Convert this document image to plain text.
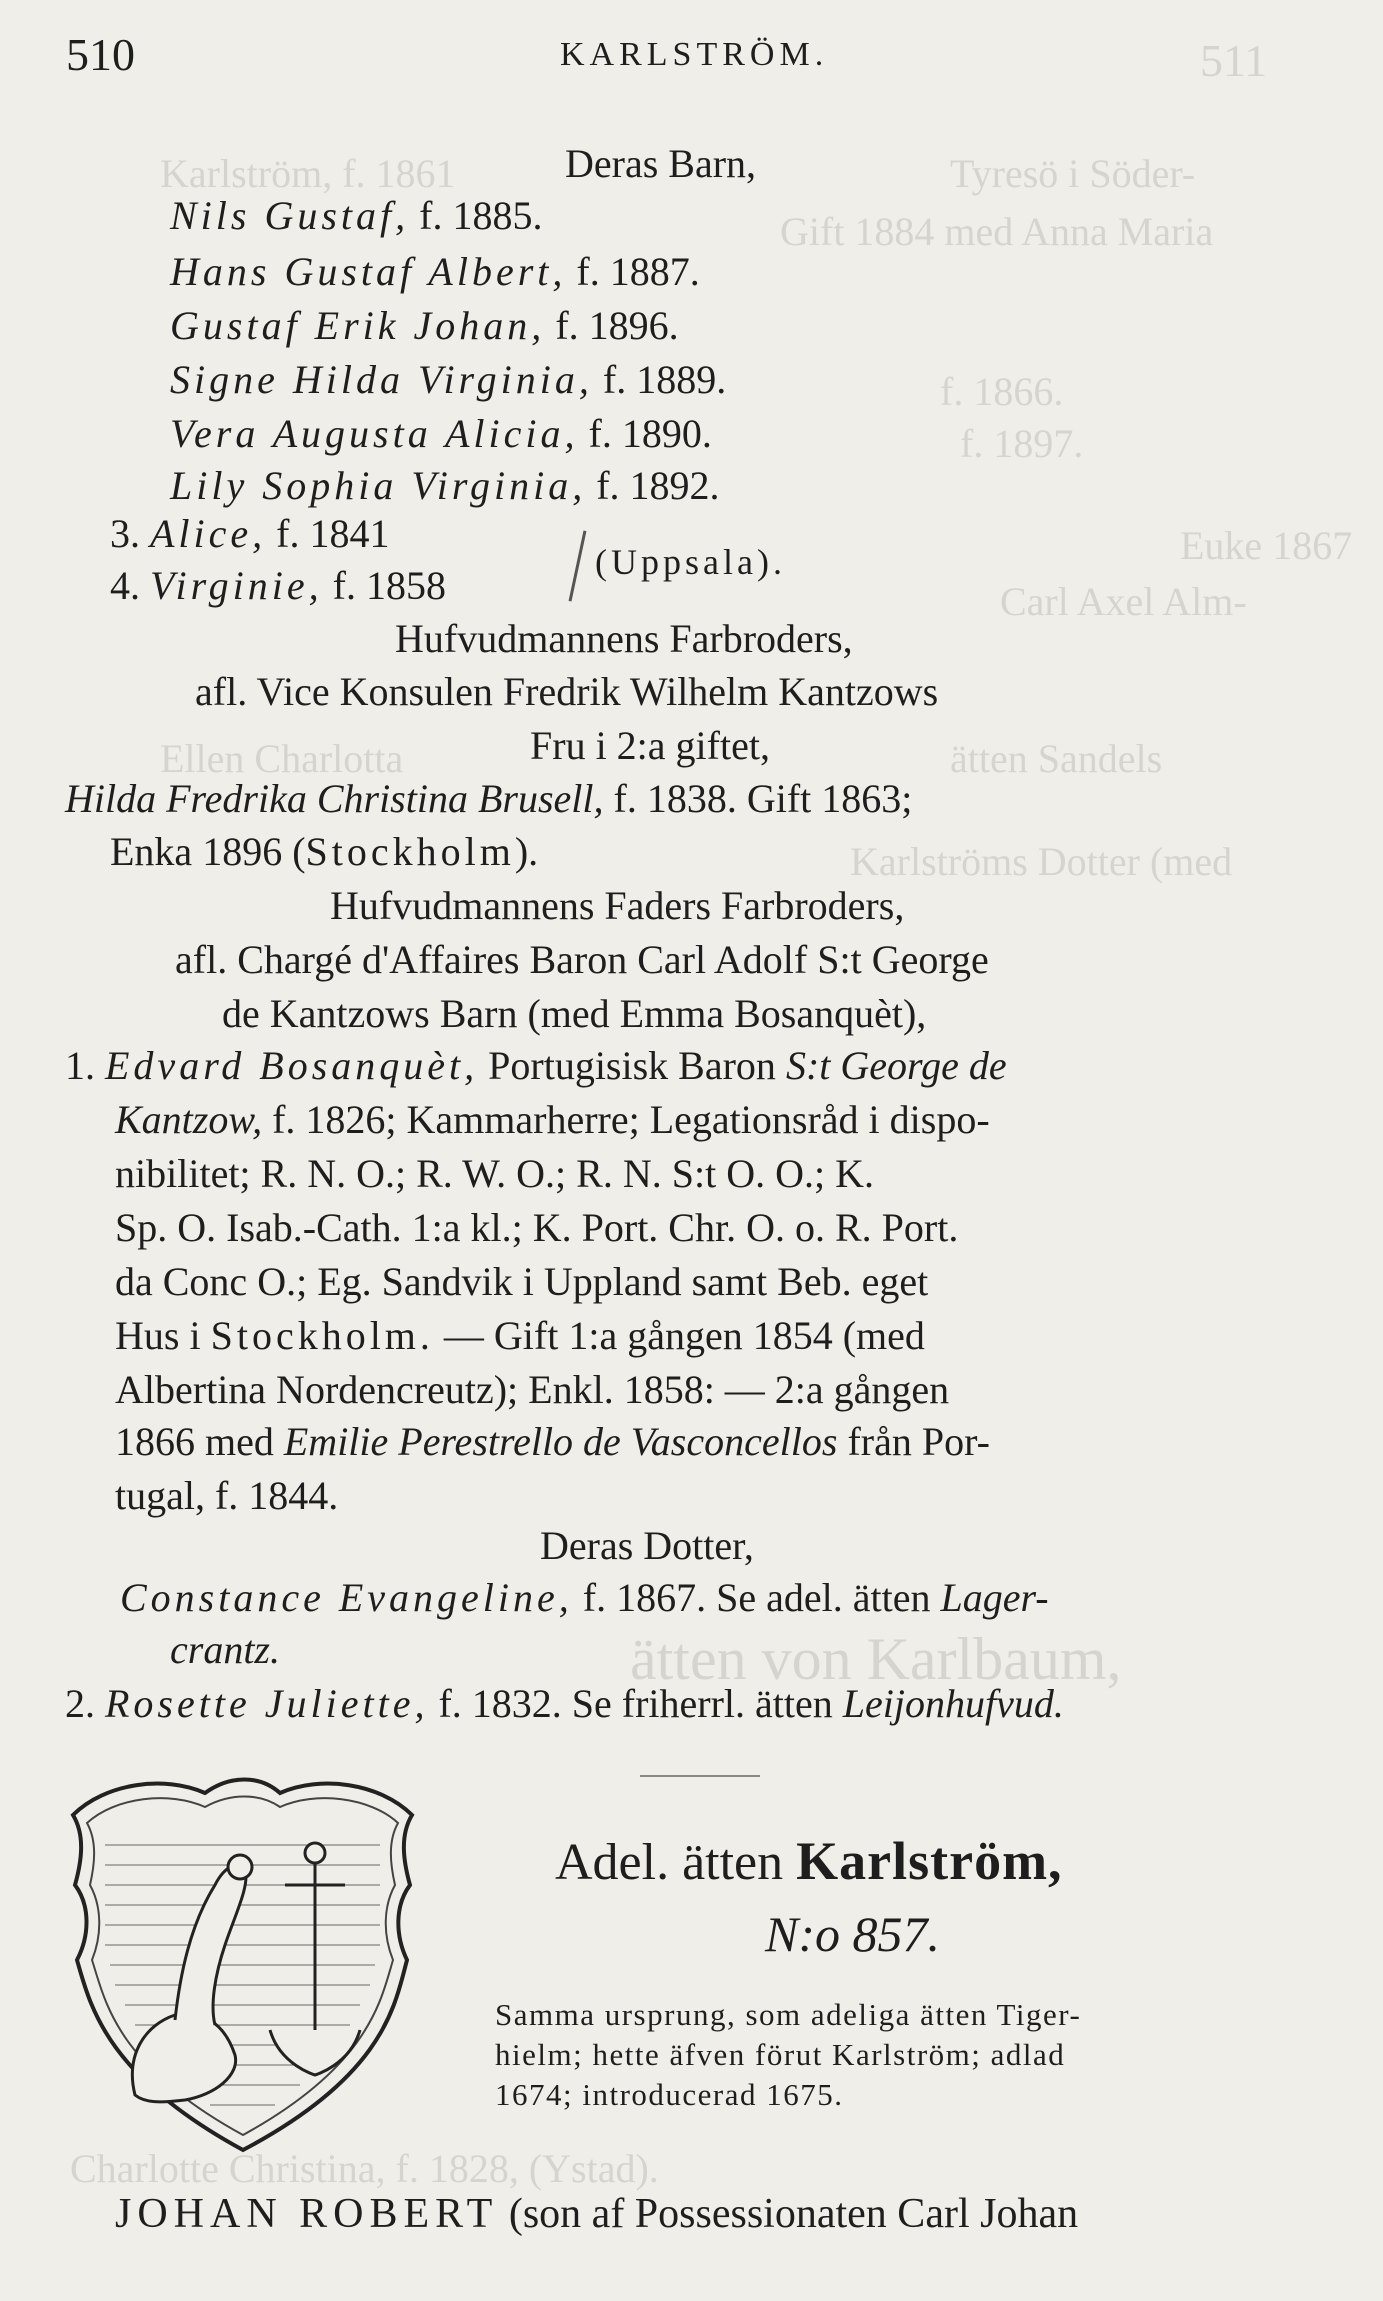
511
Karlström, f. 1861	Tyresö i Söder-
Gift 1884 med Anna Maria
f. 1866.
f. 1897.
Euke 1867
Carl Axel Alm-
Ellen Charlotta	ätten Sandels
Karlströms Dotter (med
ätten von Karlbaum,
Charlotte Christina, f. 1828, (Ystad).
510	KARLSTRÖM.
Deras Barn,
Nils Gustaf, f. 1885.
Hans Gustaf Albert, f. 1887.
Gustaf Erik Johan, f. 1896.
Signe Hilda Virginia, f. 1889.
Vera Augusta Alicia, f. 1890.
Lily Sophia Virginia, f. 1892.
3. Alice, f. 1841
4. Virginie, f. 1858
(Uppsala).
Hufvudmannens Farbroders,
afl. Vice Konsulen Fredrik Wilhelm Kantzows
Fru i 2:a giftet,
Hilda Fredrika Christina Brusell, f. 1838. Gift 1863;
Enka 1896 (Stockholm).
Hufvudmannens Faders Farbroders,
afl. Chargé d'Affaires Baron Carl Adolf S:t George
de Kantzows Barn (med Emma Bosanquèt),
1. Edvard Bosanquèt, Portugisisk Baron S:t George de
Kantzow, f. 1826; Kammarherre; Legationsråd i dispo-
nibilitet; R. N. O.; R. W. O.; R. N. S:t O. O.; K.
Sp. O. Isab.-Cath. 1:a kl.; K. Port. Chr. O. o. R. Port.
da Conc O.; Eg. Sandvik i Uppland samt Beb. eget
Hus i Stockholm. — Gift 1:a gången 1854 (med
Albertina Nordencreutz); Enkl. 1858: — 2:a gången
1866 med Emilie Perestrello de Vasconcellos från Por-
tugal, f. 1844.
Deras Dotter,
Constance Evangeline, f. 1867. Se adel. ätten Lager-
crantz.
2. Rosette Juliette, f. 1832. Se friherrl. ätten Leijonhufvud.
Adel. ätten Karlström,
N:o 857.
Samma ursprung, som adeliga ätten Tiger-
hielm; hette äfven förut Karlström; adlad
1674; introducerad 1675.
JOHAN ROBERT (son af Possessionaten Carl Johan
